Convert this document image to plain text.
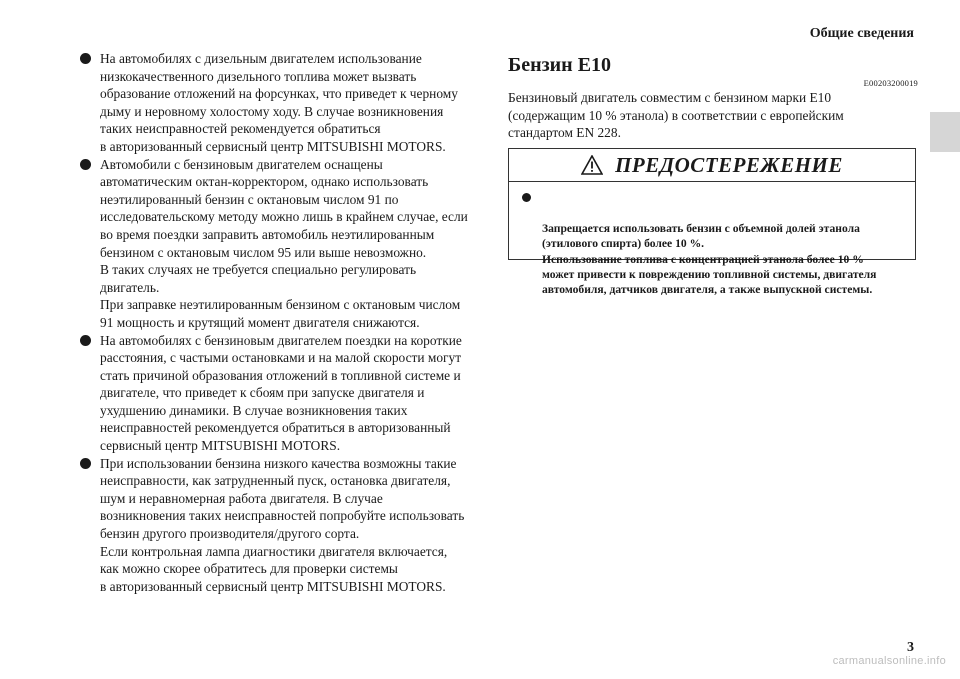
Общие сведения
На автомобилях с дизельным двигателем использование
низкокачественного дизельного топлива может вызвать
образование отложений на форсунках, что приведет к черному
дыму и неровному холостому ходу. В случае возникновения
таких неисправностей рекомендуется обратиться
в авторизованный сервисный центр MITSUBISHI MOTORS.
Автомобили с бензиновым двигателем оснащены
автоматическим октан-корректором, однако использовать
неэтилированный бензин с октановым числом 91 по
исследовательскому методу можно лишь в крайнем случае, если
во время поездки заправить автомобиль неэтилированным
бензином с октановым числом 95 или выше невозможно.
В таких случаях не требуется специально регулировать
двигатель.
При заправке неэтилированным бензином с октановым числом
91 мощность и крутящий момент двигателя снижаются.
На автомобилях с бензиновым двигателем поездки на короткие
расстояния, с частыми остановками и на малой скорости могут
стать причиной образования отложений в топливной системе и
двигателе, что приведет к сбоям при запуске двигателя и
ухудшению динамики. В случае возникновения таких
неисправностей рекомендуется обратиться в авторизованный
сервисный центр MITSUBISHI MOTORS.
При использовании бензина низкого качества возможны такие
неисправности, как затрудненный пуск, остановка двигателя,
шум и неравномерная работа двигателя. В случае
возникновения таких неисправностей попробуйте использовать
бензин другого производителя/другого сорта.
Если контрольная лампа диагностики двигателя включается,
как можно скорее обратитесь для проверки системы
в авторизованный сервисный центр MITSUBISHI MOTORS.
Бензин Е10
E00203200019
Бензиновый двигатель совместим с бензином марки Е10
(содержащим 10 % этанола) в соответствии с европейским
стандартом EN 228.
ПРЕДОСТЕРЕЖЕНИЕ

Запрещается использовать бензин с объемной долей этанола
(этилового спирта) более 10 %.
Использование топлива с концентрацией этанола более 10 %
может привести к повреждению топливной системы, двигателя
автомобиля, датчиков двигателя, а также выпускной системы.

3
carmanualsonline.info
